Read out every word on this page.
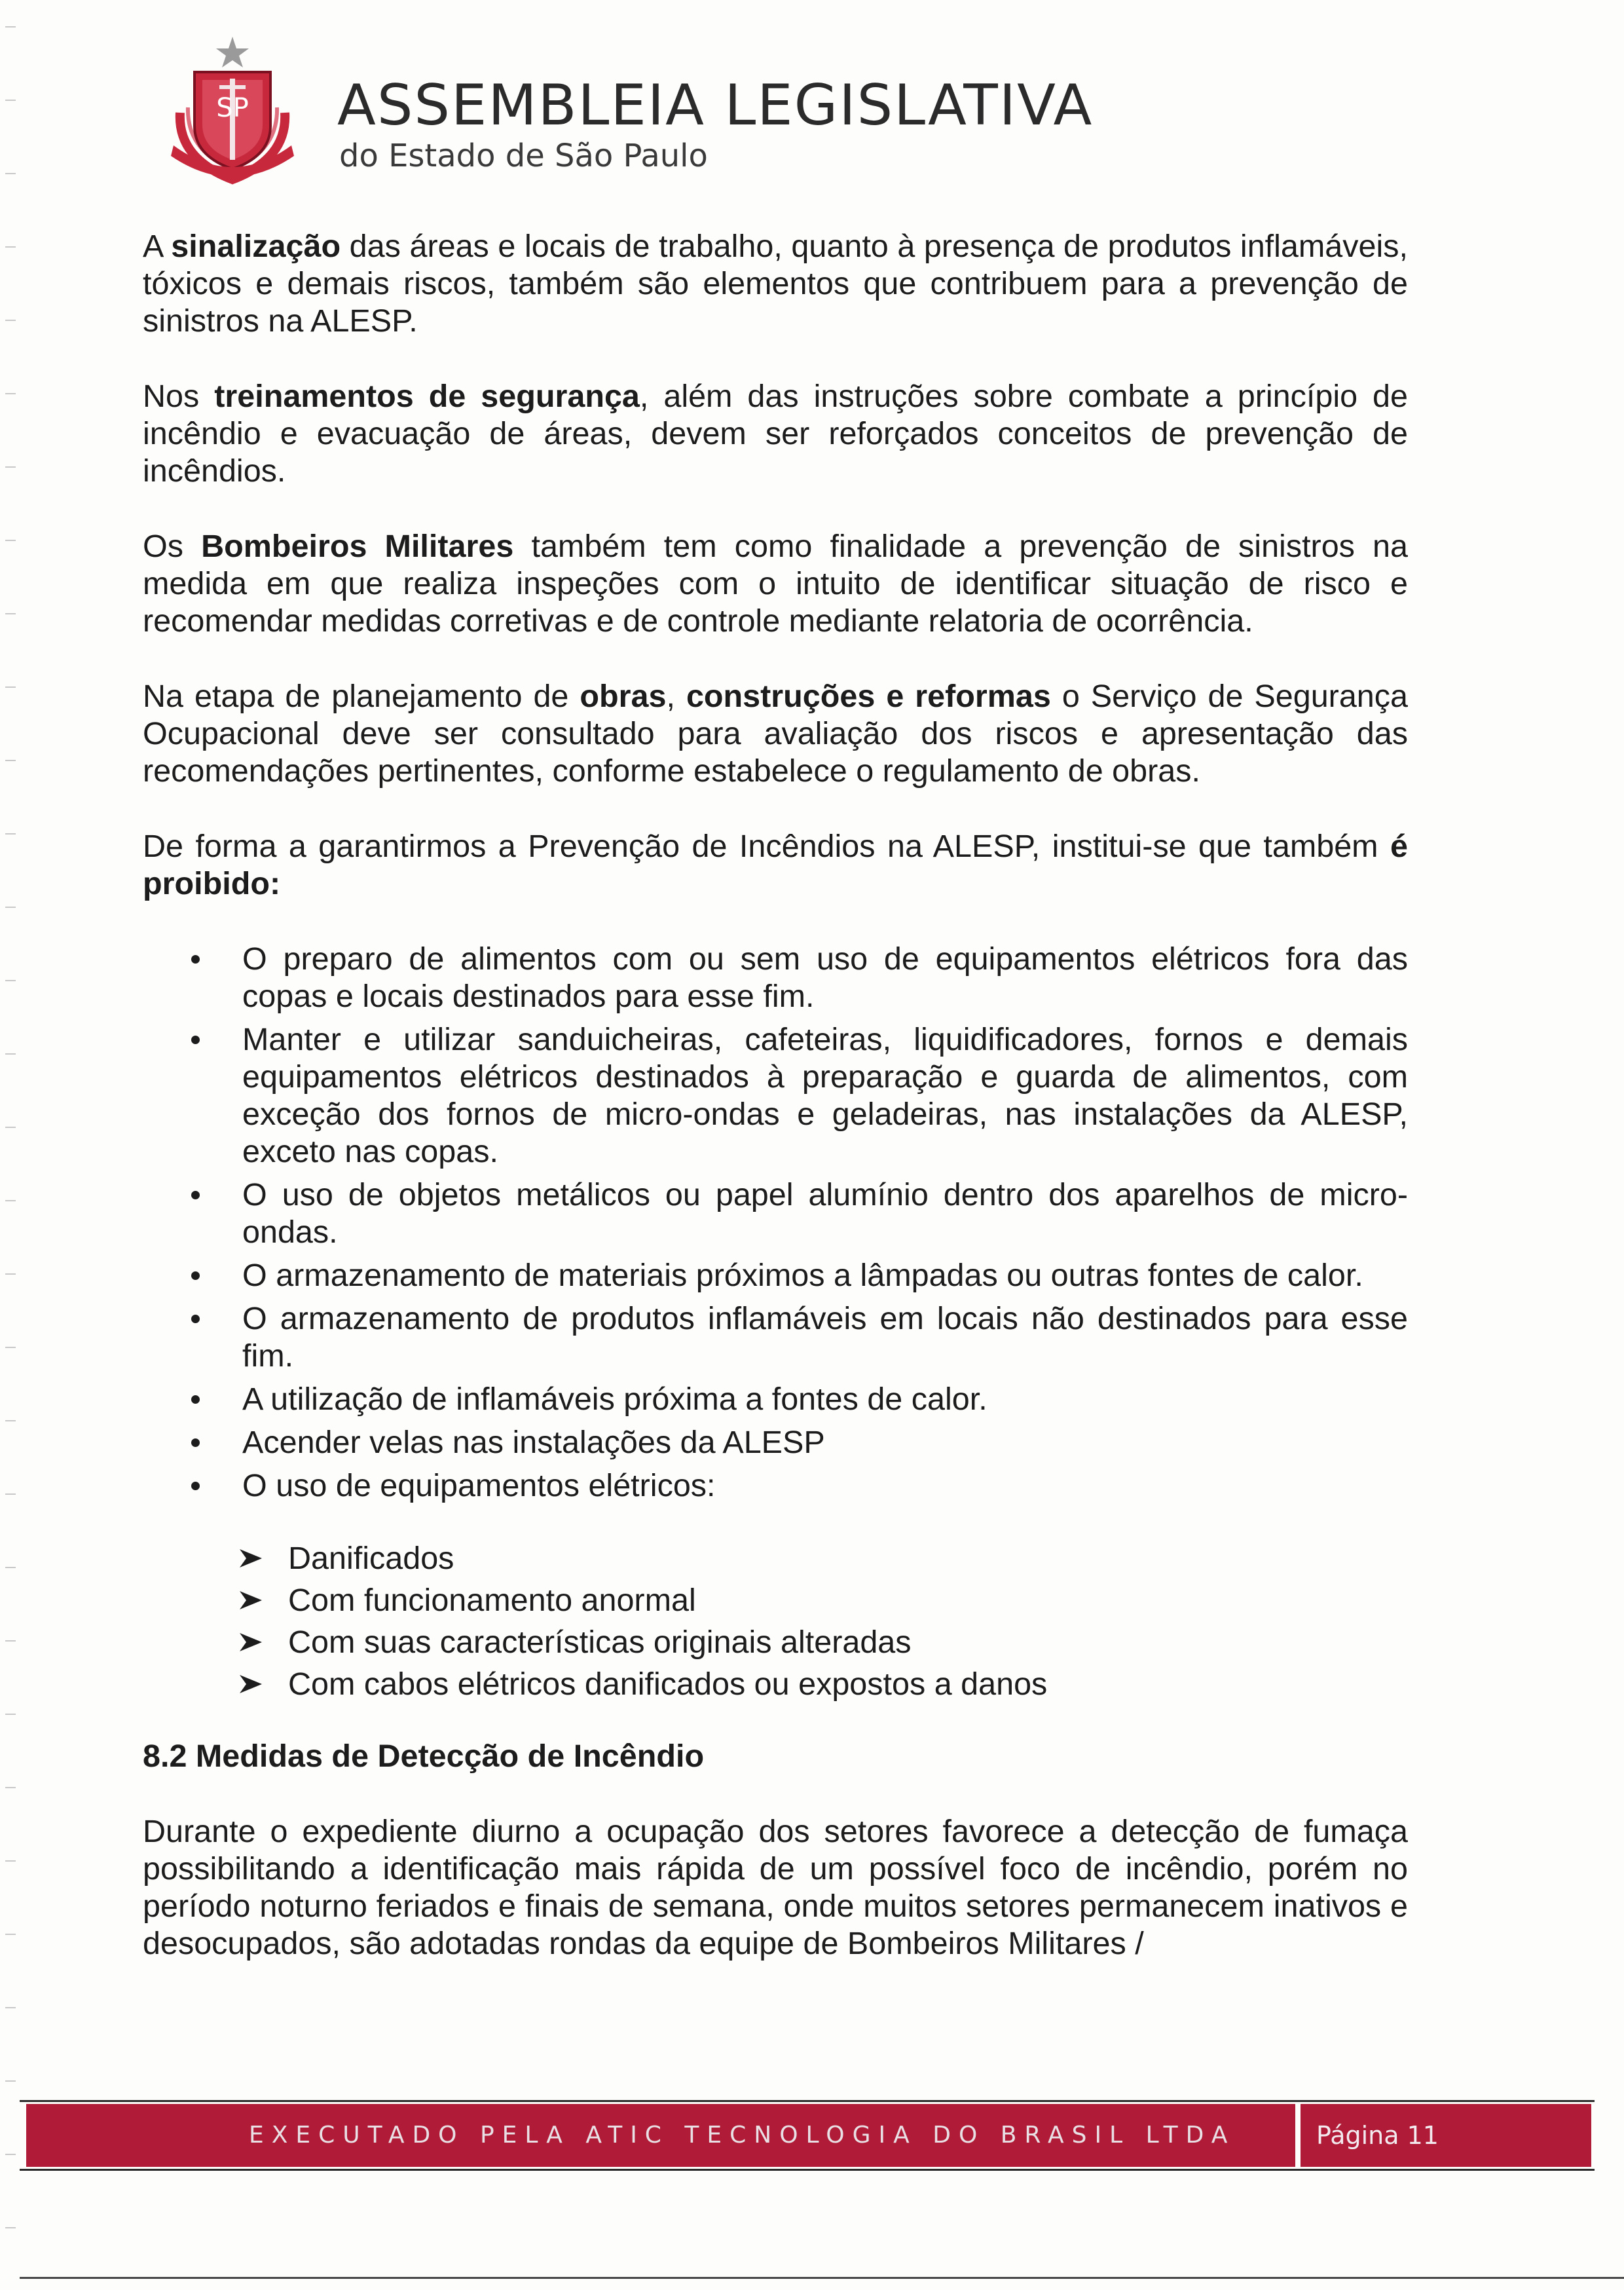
SP ASSEMBLEIA LEGISLATIVA
do Estado de São Paulo

A sinalização das áreas e locais de trabalho, quanto à presença de produtos inflamáveis, tóxicos e demais riscos, também são elementos que contribuem para a prevenção de sinistros na ALESP.

Nos treinamentos de segurança, além das instruções sobre combate a princípio de incêndio e evacuação de áreas, devem ser reforçados conceitos de prevenção de incêndios.

Os Bombeiros Militares também tem como finalidade a prevenção de sinistros na medida em que realiza inspeções com o intuito de identificar situação de risco e recomendar medidas corretivas e de controle mediante relatoria de ocorrência.

Na etapa de planejamento de obras, construções e reformas o Serviço de Segurança Ocupacional deve ser consultado para avaliação dos riscos e apresentação das recomendações pertinentes, conforme estabelece o regulamento de obras.

De forma a garantirmos a Prevenção de Incêndios na ALESP, institui-se que também é proibido:

O preparo de alimentos com ou sem uso de equipamentos elétricos fora das copas e locais destinados para esse fim.
Manter e utilizar sanduicheiras, cafeteiras, liquidificadores, fornos e demais equipamentos elétricos destinados à preparação e guarda de alimentos, com exceção dos fornos de micro-ondas e geladeiras, nas instalações da ALESP, exceto nas copas.
O uso de objetos metálicos ou papel alumínio dentro dos aparelhos de micro-ondas.
O armazenamento de materiais próximos a lâmpadas ou outras fontes de calor.
O armazenamento de produtos inflamáveis em locais não destinados para esse fim.
A utilização de inflamáveis próxima a fontes de calor.
Acender velas nas instalações da ALESP
O uso de equipamentos elétricos:
Danificados
Com funcionamento anormal
Com suas características originais alteradas
Com cabos elétricos danificados ou expostos a danos
8.2 Medidas de Detecção de Incêndio

Durante o expediente diurno a ocupação dos setores favorece a detecção de fumaça possibilitando a identificação mais rápida de um possível foco de incêndio, porém no período noturno feriados e finais de semana, onde muitos setores permanecem inativos e desocupados, são adotadas rondas da equipe de Bombeiros Militares /

EXECUTADO PELA ATIC TECNOLOGIA DO BRASIL LTDA	Página 11
